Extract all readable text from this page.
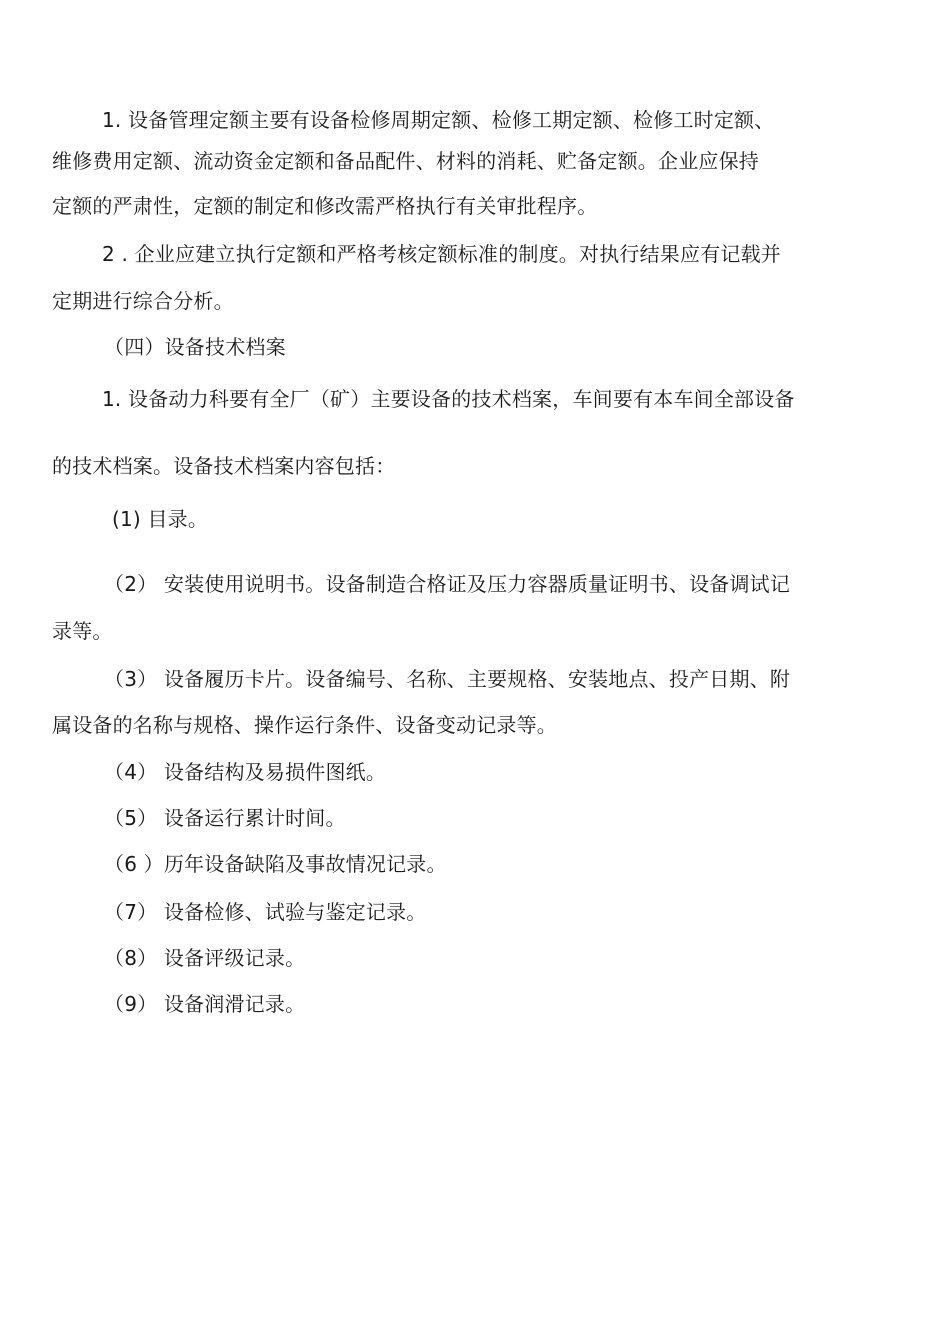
1. 设备管理定额主要有设备检修周期定额、检修工期定额、检修工时定额、
维修费用定额、流动资金定额和备品配件、材料的消耗、贮备定额。企业应保持
定额的严肃性，定额的制定和修改需严格执行有关审批程序。
2 . 企业应建立执行定额和严格考核定额标准的制度。对执行结果应有记载并
定期进行综合分析。
（四）设备技术档案
1. 设备动力科要有全厂（矿）主要设备的技术档案，车间要有本车间全部设备
的技术档案。设备技术档案内容包括：
(1) 目录。
（2） 安装使用说明书。设备制造合格证及压力容器质量证明书、设备调试记
录等。
（3） 设备履历卡片。设备编号、名称、主要规格、安装地点、投产日期、附
属设备的名称与规格、操作运行条件、设备变动记录等。
（4） 设备结构及易损件图纸。
（5） 设备运行累计时间。
（6 ）历年设备缺陷及事故情况记录。
（7） 设备检修、试验与鉴定记录。
（8） 设备评级记录。
（9） 设备润滑记录。
